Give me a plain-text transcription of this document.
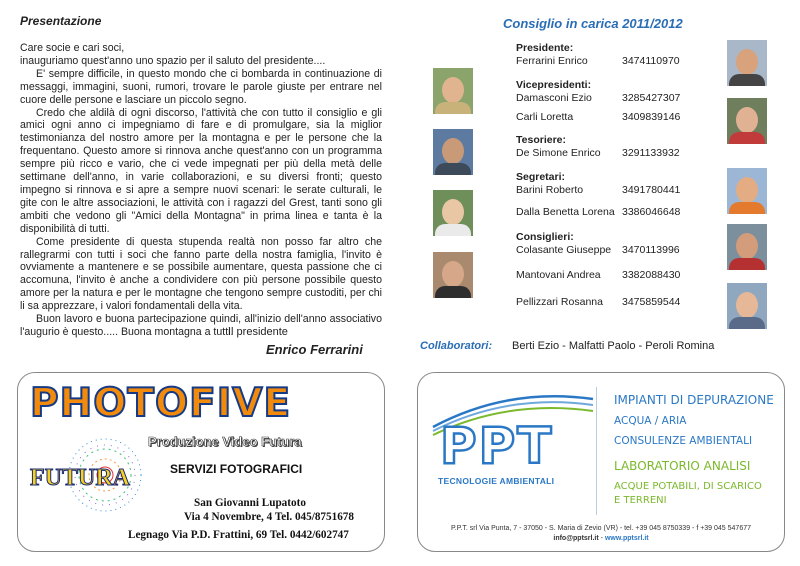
Presentazione

Care socie e cari soci,

inauguriamo quest'anno uno spazio per il saluto del presidente....

E' sempre difficile, in questo mondo che ci bombarda in continuazione di messaggi, immagini, suoni, rumori, trovare le parole giuste per entrare nel cuore delle persone e lasciare un piccolo segno.

Credo che aldilà di ogni discorso, l'attività che con tutto il consiglio e gli amici ogni anno ci impegniamo di fare e di promulgare, sia la miglior testimonianza del nostro amore per la montagna e per le persone che la frequentano. Questo amore si rinnova anche quest'anno con un programma sempre più ricco e vario, che ci vede impegnati per più della metà delle settimane dell'anno, in varie collaborazioni, e su diversi fronti; questo impegno si rinnova e si apre a sempre nuovi scenari: le serate culturali, le gite con le altre associazioni, le attività con i ragazzi del Grest, tanti sono gli ambiti che vedono gli "Amici della Montagna" in prima linea e tanta è la disponibilità di tutti.

Come presidente di questa stupenda realtà non posso far altro che rallegrarmi con tutti i soci che fanno parte della nostra famiglia, l'invito è ovviamente a mantenere e se possibile aumentare, questa passione che ci accomuna, l'invito è anche a condividere con più persone possibile questo amore per la natura e per le montagne che tengono sempre custoditi, per chi li sa apprezzare, i valori fondamentali della vita.

Buon lavoro e buona partecipazione quindi, all'inizio dell'anno associativo l'augurio è questo..... Buona montagna a tutti.

Il presidente
Enrico Ferrarini
Consiglio in carica 2011/2012
Presidente:
Ferrarini Enrico	3474110970
Vicepresidenti:
Damasconi Ezio	3285427307
Carli Loretta	3409839146
Tesoriere:
De Simone Enrico 3291133932
Segretari:
Barini Roberto	3491780441
Dalla Benetta Lorena 3386046648
Consiglieri:
Colasante Giuseppe 3470113996
Mantovani Andrea 3382088430
Pellizzari Rosanna 3475859544
Collaboratori: Berti Ezio - Malfatti Paolo - Peroli Romina
PHOTOFIVE
Produzione Video Futura
SERVIZI FOTOGRAFICI
FUTURA
San Giovanni Lupatoto
Via 4 Novembre, 4 Tel. 045/8751678
Legnago Via P.D. Frattini, 69 Tel. 0442/602747
PPT
TECNOLOGIE AMBIENTALI
IMPIANTI DI DEPURAZIONE
ACQUA / ARIA
CONSULENZE AMBIENTALI
LABORATORIO ANALISI
ACQUE POTABILI, DI SCARICO
E TERRENI
P.P.T. srl Via Punta, 7 - 37050 - S. Maria di Zevio (VR) - tel. +39 045 8750339 - f +39 045 547677
info@pptsrl.it - www.pptsrl.it
